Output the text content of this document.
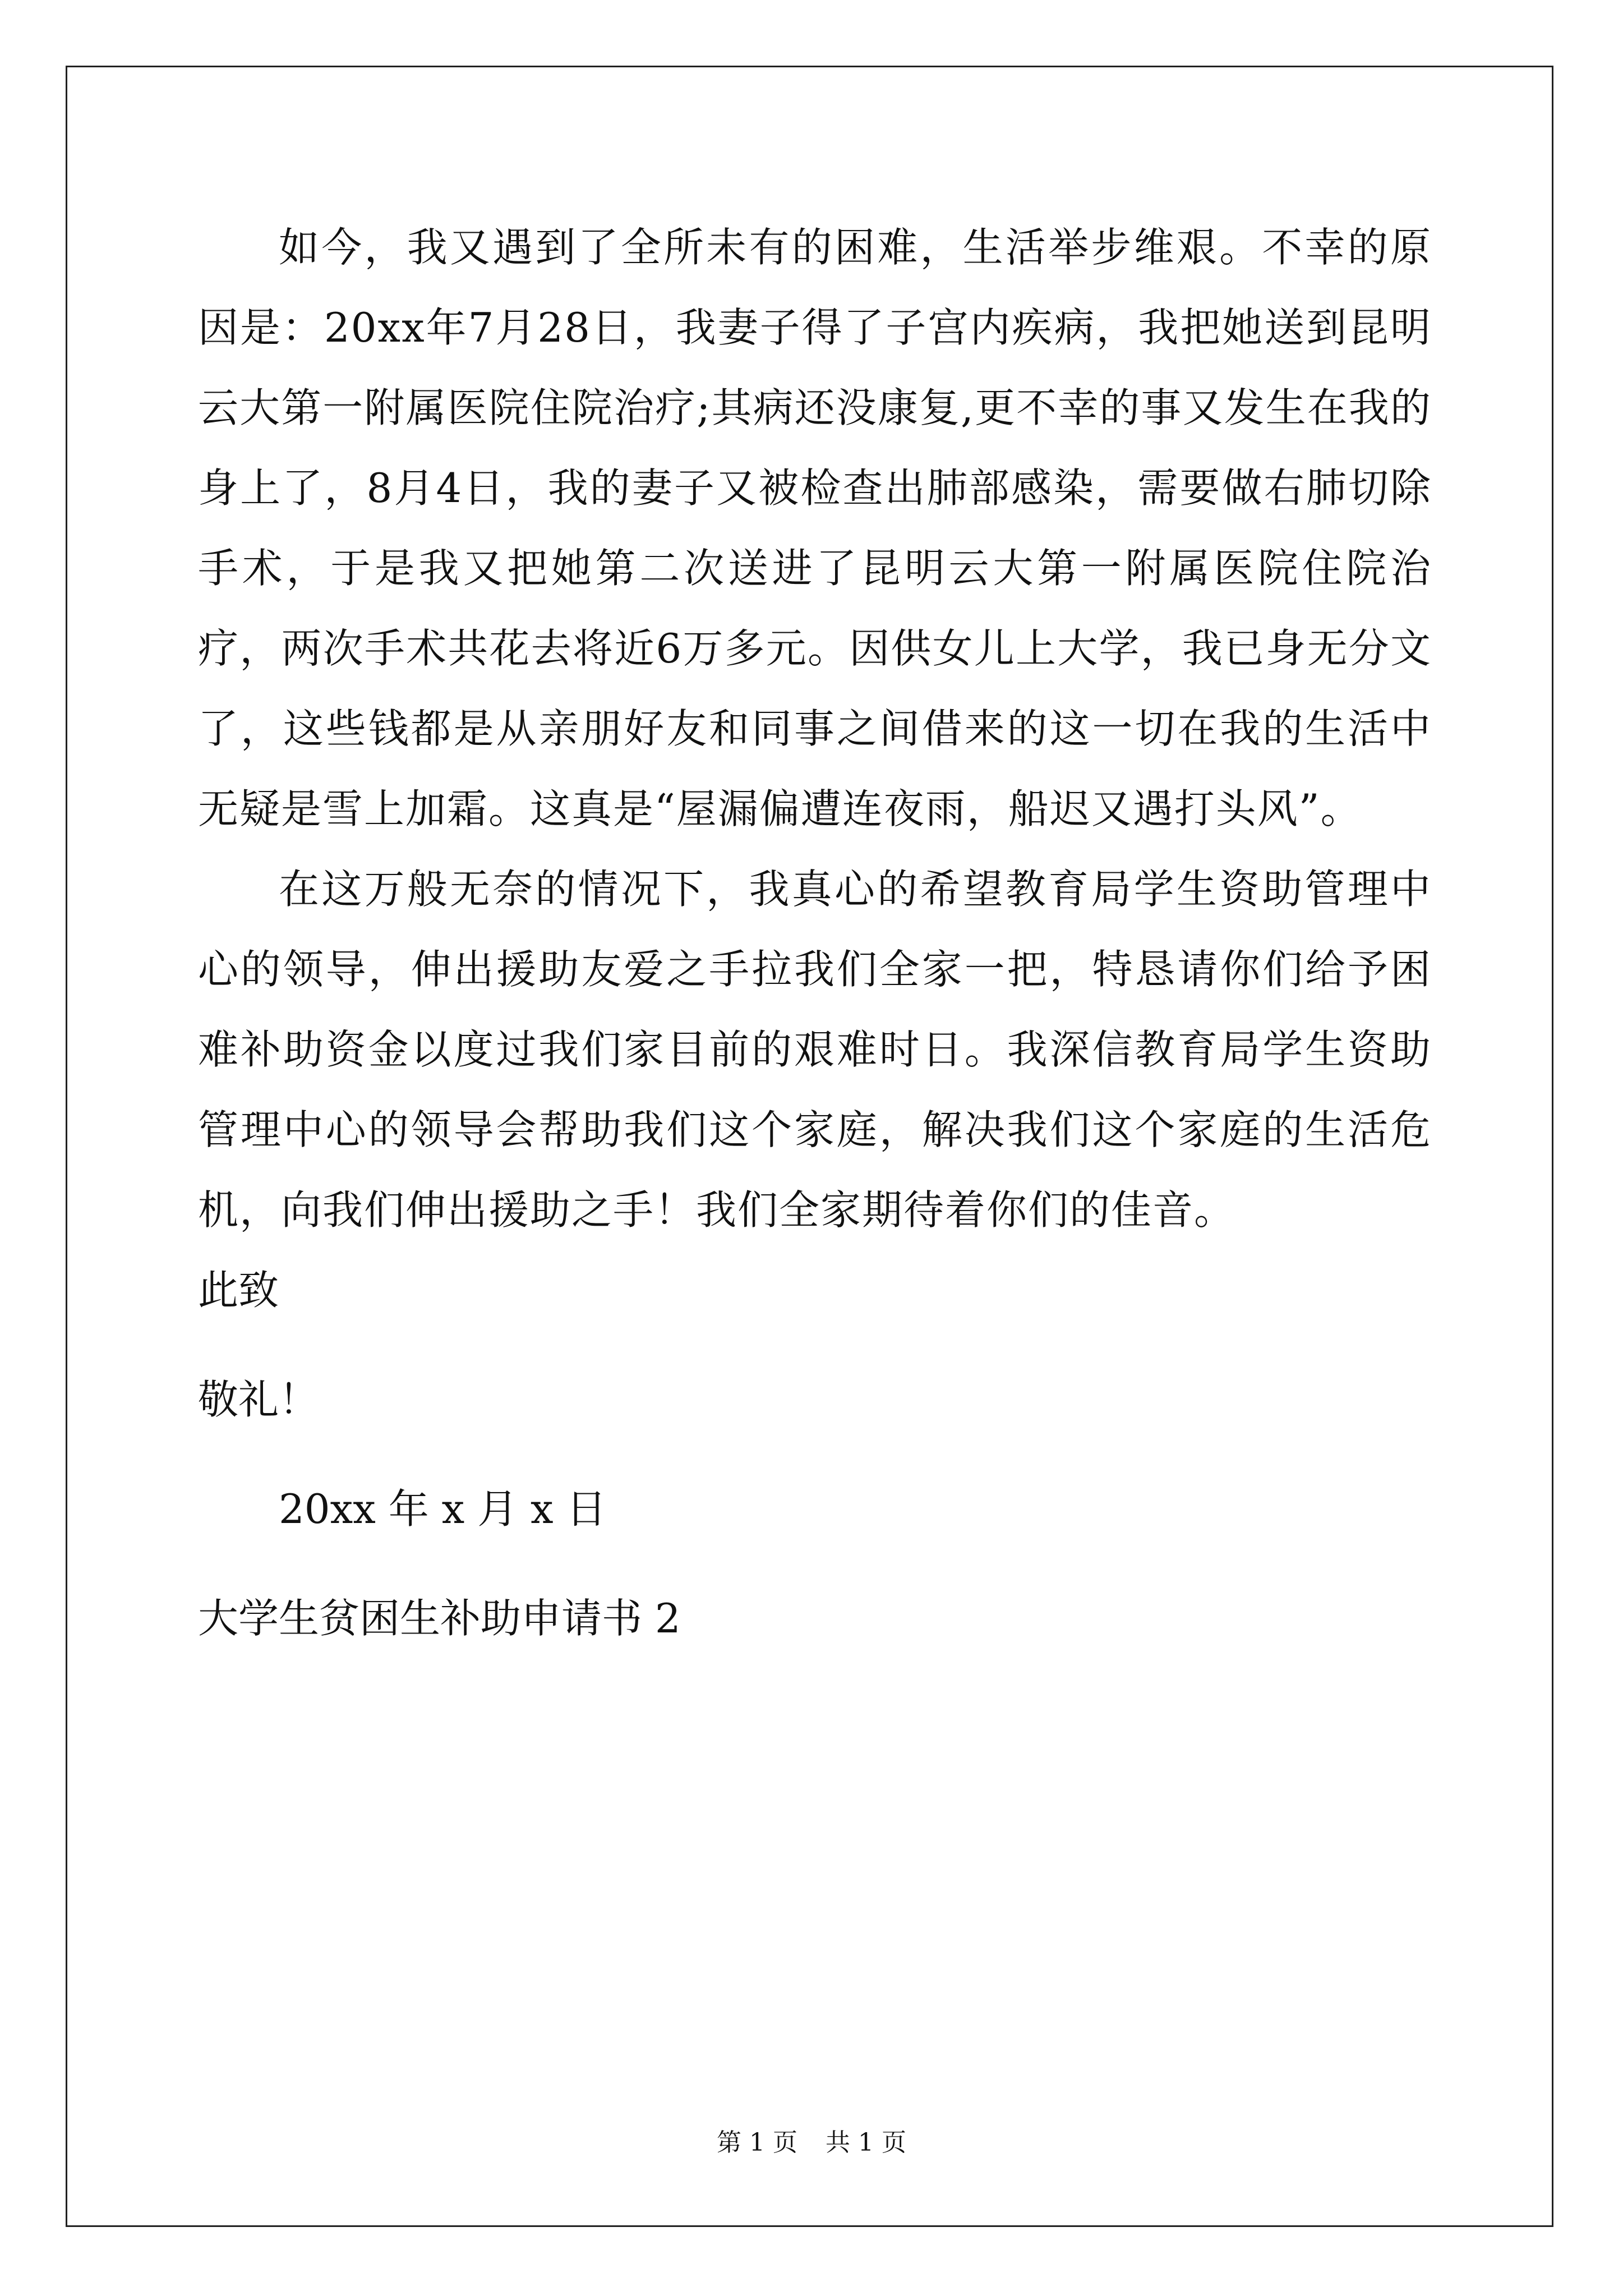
如今，我又遇到了全所未有的困难，生活举步维艰。不幸的原因是：20xx年7月28日，我妻子得了子宫内疾病，我把她送到昆明云大第一附属医院住院治疗;其病还没康复,更不幸的事又发生在我的身上了，8月4日，我的妻子又被检查出肺部感染，需要做右肺切除手术，于是我又把她第二次送进了昆明云大第一附属医院住院治疗，两次手术共花去将近6万多元。因供女儿上大学，我已身无分文了，这些钱都是从亲朋好友和同事之间借来的这一切在我的生活中无疑是雪上加霜。这真是“屋漏偏遭连夜雨，船迟又遇打头风”。

在这万般无奈的情况下，我真心的希望教育局学生资助管理中心的领导，伸出援助友爱之手拉我们全家一把，特恳请你们给予困难补助资金以度过我们家目前的艰难时日。我深信教育局学生资助管理中心的领导会帮助我们这个家庭，解决我们这个家庭的生活危机，向我们伸出援助之手！我们全家期待着你们的佳音。

此致

敬礼！

20xx 年 x 月 x 日

大学生贫困生补助申请书 2

第 1 页 共 1 页
